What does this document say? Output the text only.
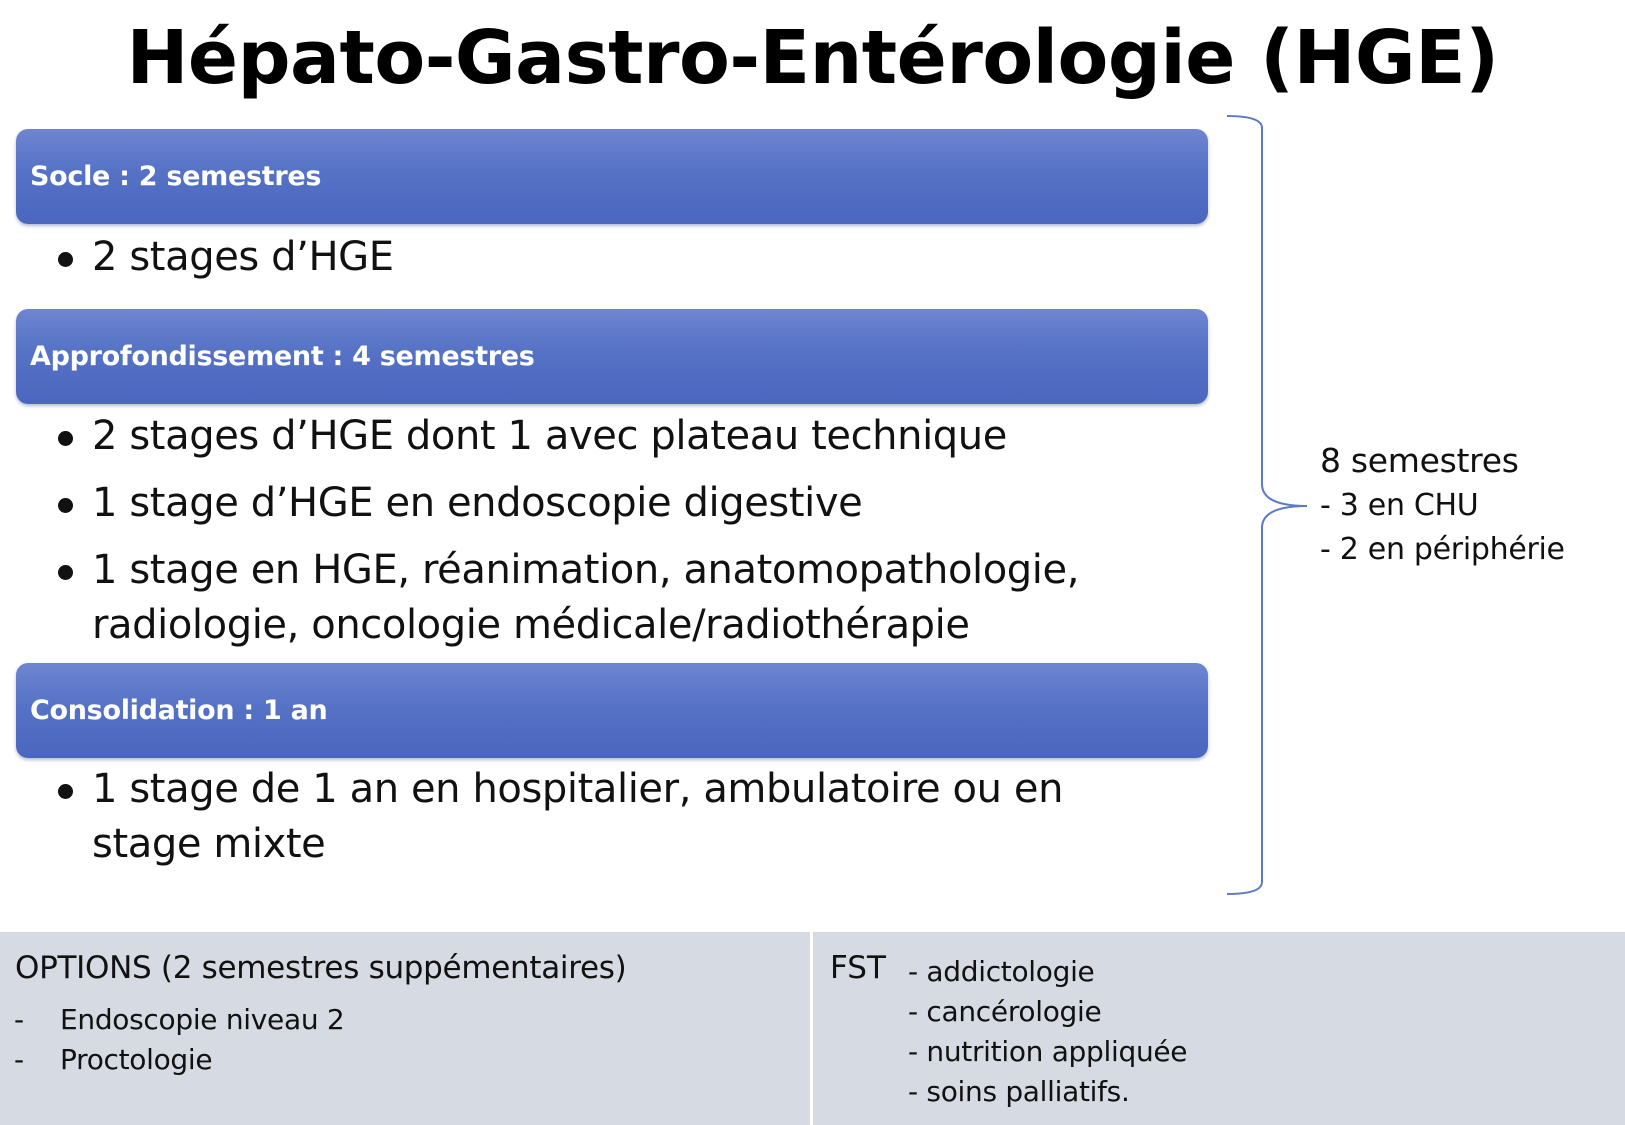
Hépato-Gastro-Entérologie (HGE)
Socle : 2 semestres
2 stages d’HGE
Approfondissement : 4 semestres
2 stages d’HGE dont 1 avec plateau technique
1 stage d’HGE en endoscopie digestive
1 stage en HGE, réanimation, anatomopathologie, radiologie, oncologie médicale/radiothérapie
Consolidation : 1 an
1 stage de 1 an en hospitalier, ambulatoire ou en stage mixte
8 semestres
- 3 en CHU
- 2 en périphérie
OPTIONS (2 semestres suppémentaires)
- Endoscopie niveau 2
- Proctologie
FST - addictologie
- cancérologie
- nutrition appliquée
- soins palliatifs.
